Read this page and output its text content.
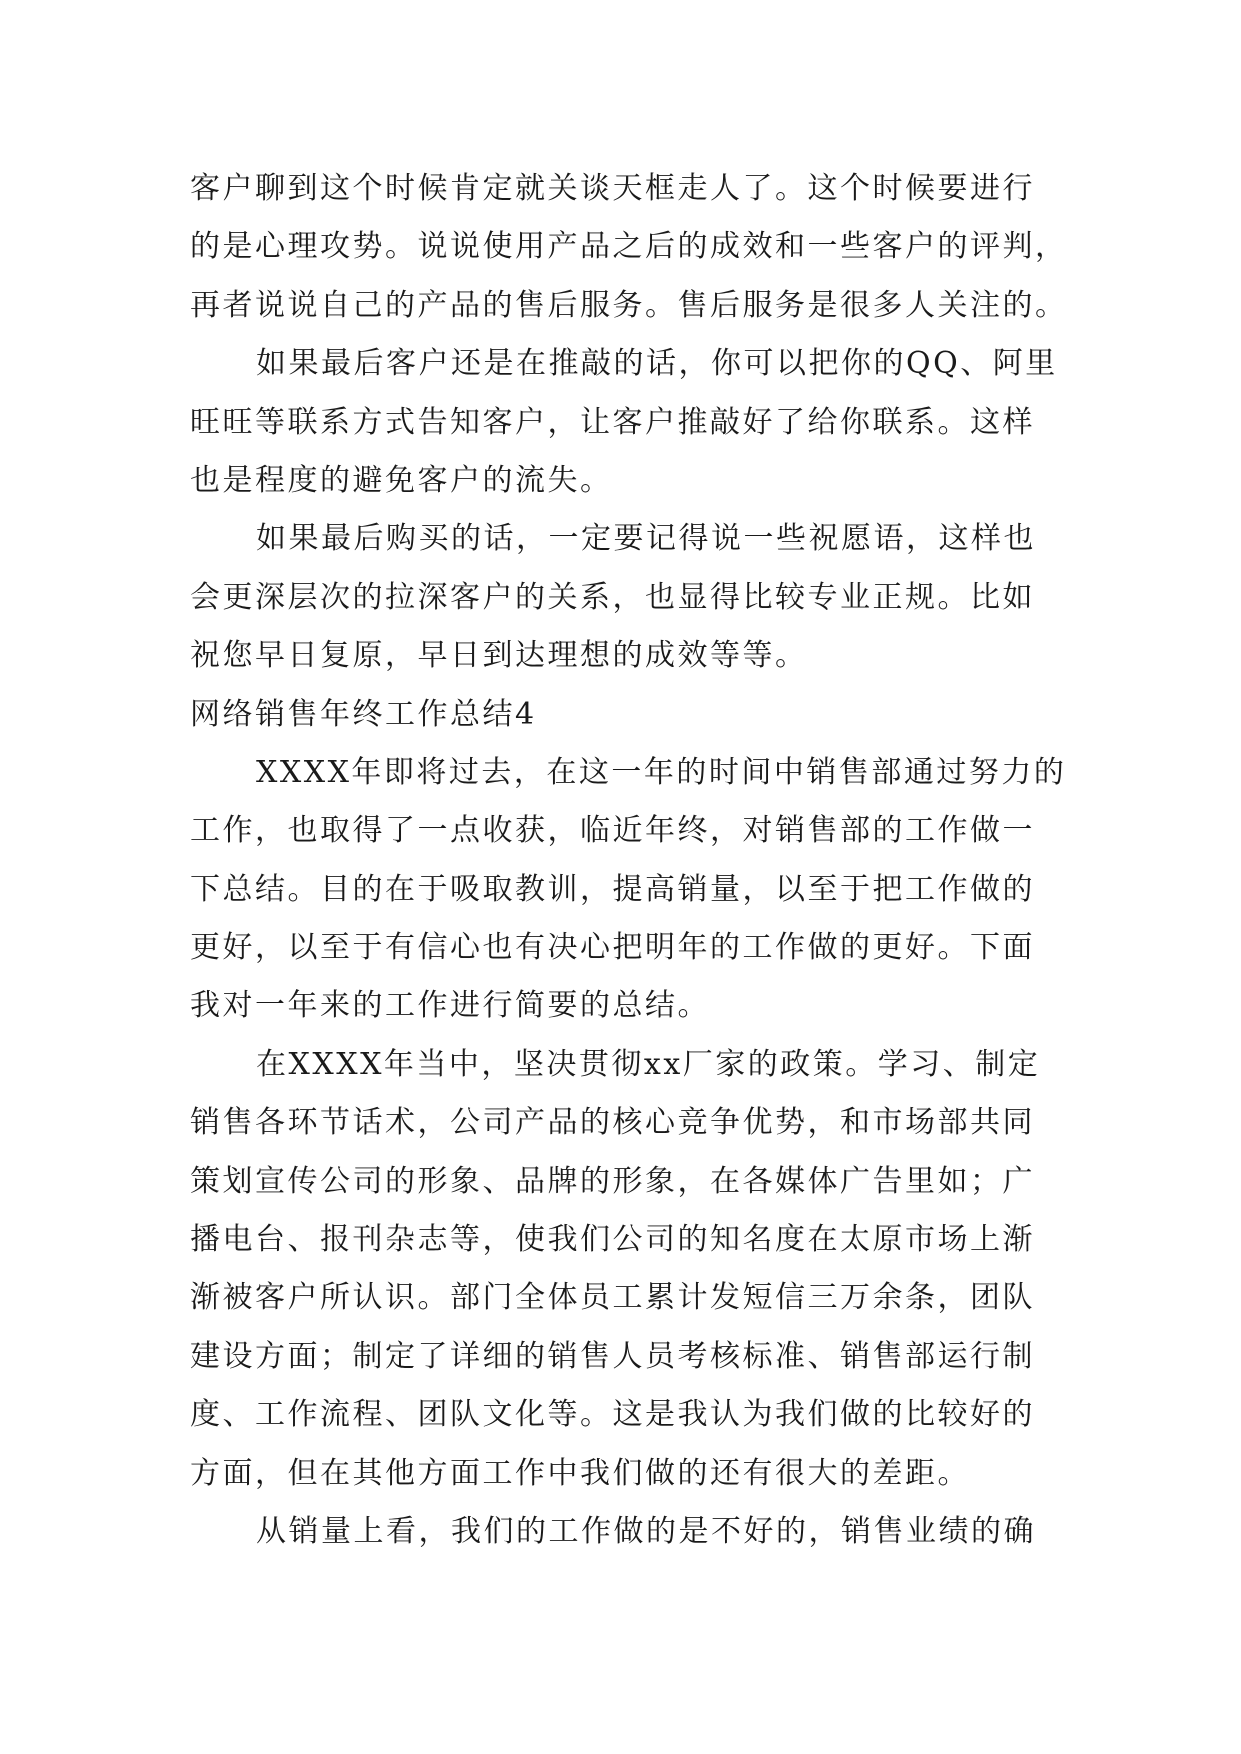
客户聊到这个时候肯定就关谈天框走人了。这个时候要进行
的是心理攻势。说说使用产品之后的成效和一些客户的评判，
再者说说自己的产品的售后服务。售后服务是很多人关注的。
如果最后客户还是在推敲的话，你可以把你的QQ、阿里
旺旺等联系方式告知客户，让客户推敲好了给你联系。这样
也是程度的避免客户的流失。
如果最后购买的话，一定要记得说一些祝愿语，这样也
会更深层次的拉深客户的关系，也显得比较专业正规。比如
祝您早日复原，早日到达理想的成效等等。
网络销售年终工作总结4
XXXX年即将过去，在这一年的时间中销售部通过努力的
工作，也取得了一点收获，临近年终，对销售部的工作做一
下总结。目的在于吸取教训，提高销量，以至于把工作做的
更好，以至于有信心也有决心把明年的工作做的更好。下面
我对一年来的工作进行简要的总结。
在XXXX年当中，坚决贯彻xx厂家的政策。学习、制定
销售各环节话术，公司产品的核心竞争优势，和市场部共同
策划宣传公司的形象、品牌的形象，在各媒体广告里如；广
播电台、报刊杂志等，使我们公司的知名度在太原市场上渐
渐被客户所认识。部门全体员工累计发短信三万余条，团队
建设方面；制定了详细的销售人员考核标准、销售部运行制
度、工作流程、团队文化等。这是我认为我们做的比较好的
方面，但在其他方面工作中我们做的还有很大的差距。
从销量上看，我们的工作做的是不好的，销售业绩的确
